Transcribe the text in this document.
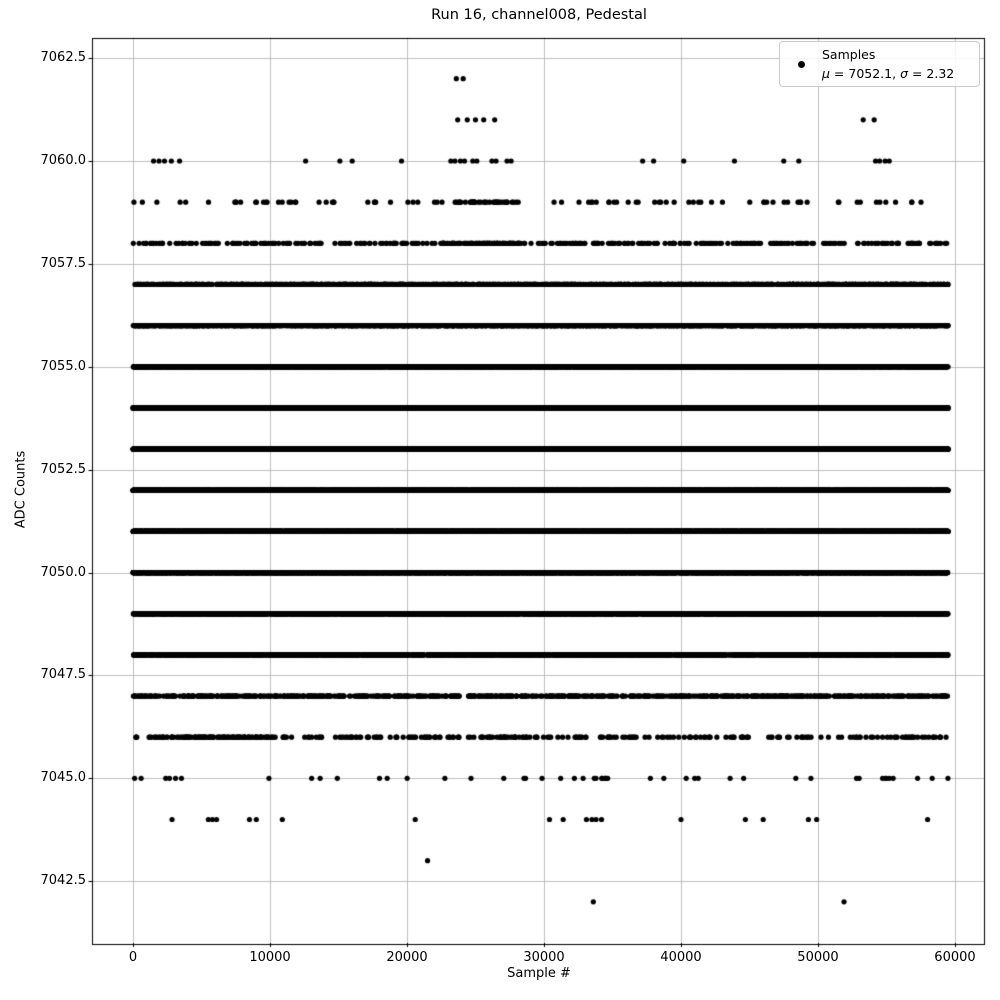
Run 16, channel008, Pedestal
Sample #
ADC Counts
Samples
μ = 7052.1, σ = 2.32
7042.5
7045.0
7047.5
7050.0
7052.5
7055.0
7057.5
7060.0
7062.5
0	10000	20000	30000	40000	50000	60000
